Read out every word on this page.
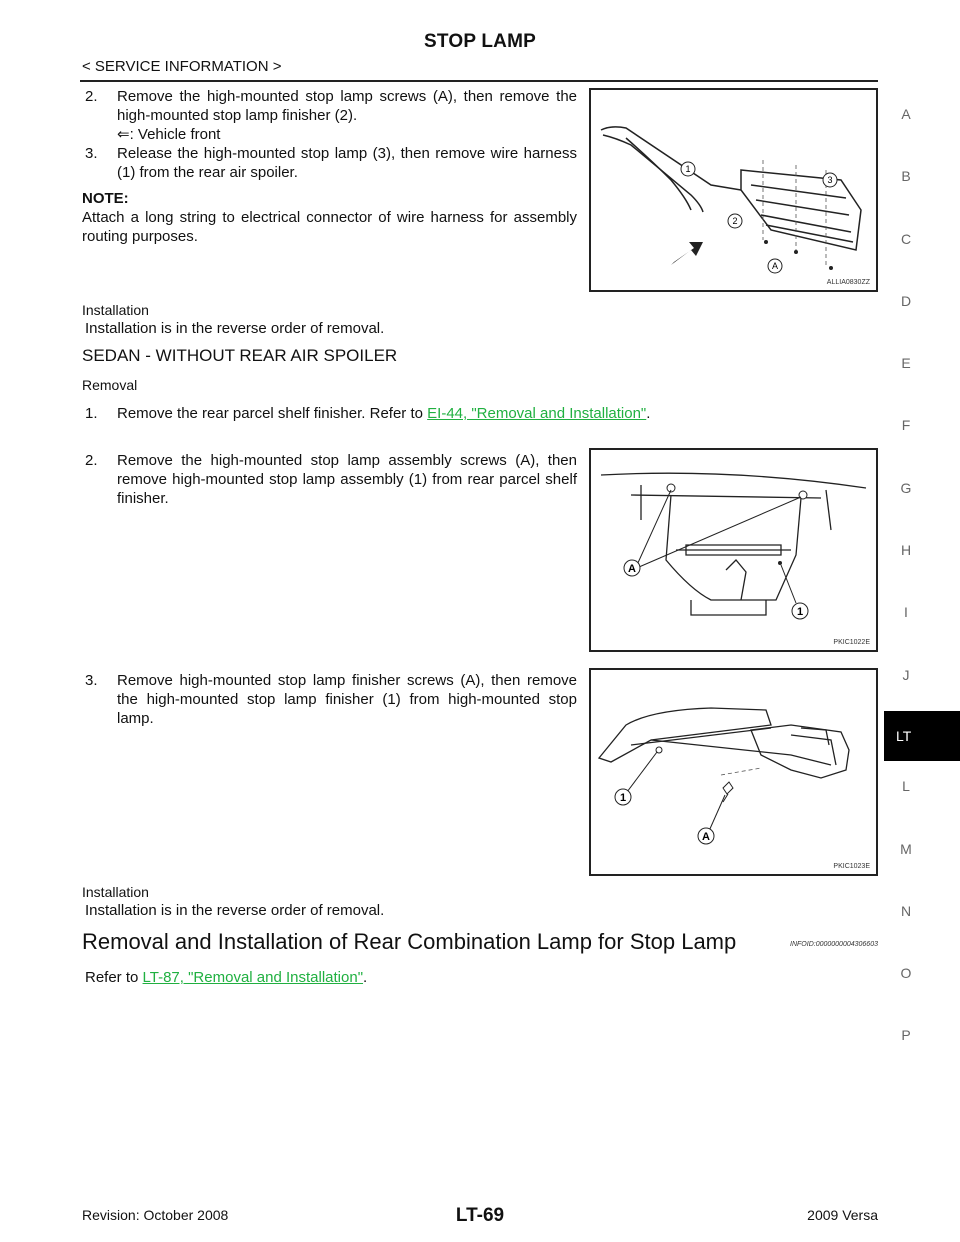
STOP LAMP
< SERVICE INFORMATION >
A
B
C
D
E
F
G
H
I
J
LT
L
M
N
O
P
2. Remove the high-mounted stop lamp screws (A), then remove the high-mounted stop lamp finisher (2).
⇐: Vehicle front
3. Release the high-mounted stop lamp (3), then remove wire harness (1) from the rear air spoiler.
NOTE:
Attach a long string to electrical connector of wire harness for assembly routing purposes.
1
2
3
A
ALLIA0830ZZ
Installation
Installation is in the reverse order of removal.
SEDAN - WITHOUT REAR AIR SPOILER
Removal
1. Remove the rear parcel shelf finisher. Refer to EI-44, "Removal and Installation".
2. Remove the high-mounted stop lamp assembly screws (A), then remove high-mounted stop lamp assembly (1) from rear parcel shelf finisher.
A
1
PKIC1022E
3. Remove high-mounted stop lamp finisher screws (A), then remove the high-mounted stop lamp finisher (1) from high-mounted stop lamp.
1
A
PKIC1023E
Installation
Installation is in the reverse order of removal.
Removal and Installation of Rear Combination Lamp for Stop Lamp	INFOID:0000000004306603
Refer to LT-87, "Removal and Installation".
Revision: October 2008	LT-69	2009 Versa
